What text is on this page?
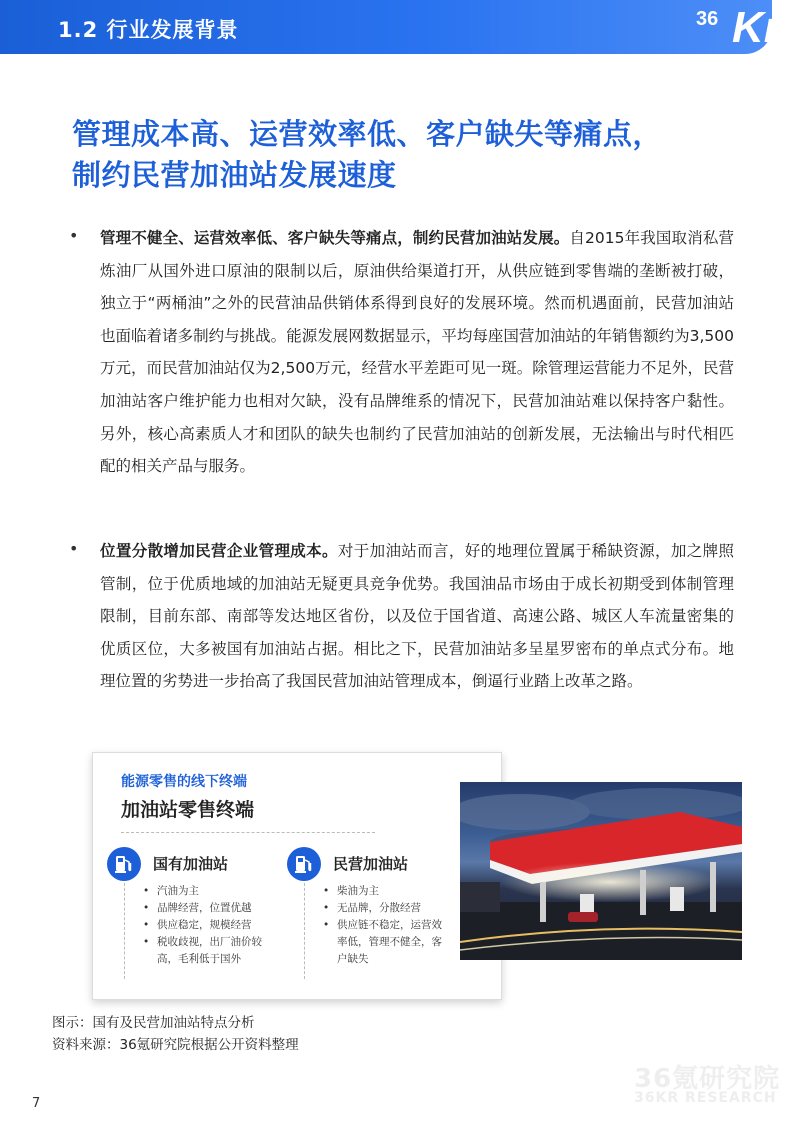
1.2 行业发展背景	36 Kr
管理成本高、运营效率低、客户缺失等痛点，
制约民营加油站发展速度
• 管理不健全、运营效率低、客户缺失等痛点，制约民营加油站发展。自2015年我国取消私营炼油厂从国外进口原油的限制以后，原油供给渠道打开，从供应链到零售端的垄断被打破，独立于“两桶油”之外的民营油品供销体系得到良好的发展环境。然而机遇面前，民营加油站也面临着诸多制约与挑战。能源发展网数据显示，平均每座国营加油站的年销售额约为3,500万元，而民营加油站仅为2,500万元，经营水平差距可见一斑。除管理运营能力不足外，民营加油站客户维护能力也相对欠缺，没有品牌维系的情况下，民营加油站难以保持客户黏性。另外，核心高素质人才和团队的缺失也制约了民营加油站的创新发展，无法输出与时代相匹配的相关产品与服务。
• 位置分散增加民营企业管理成本。对于加油站而言，好的地理位置属于稀缺资源，加之牌照管制，位于优质地域的加油站无疑更具竞争优势。我国油品市场由于成长初期受到体制管理限制，目前东部、南部等发达地区省份，以及位于国省道、高速公路、城区人车流量密集的优质区位，大多被国有加油站占据。相比之下，民营加油站多呈星罗密布的单点式分布。地理位置的劣势进一步抬高了我国民营加油站管理成本，倒逼行业踏上改革之路。
能源零售的线下终端
加油站零售终端
国有加油站
• 汽油为主
• 品牌经营，位置优越
• 供应稳定，规模经营
• 税收歧视，出厂油价较高，毛利低于国外
民营加油站
• 柴油为主
• 无品牌，分散经营
• 供应链不稳定，运营效率低，管理不健全，客户缺失
图示：国有及民营加油站特点分析
资料来源：36氪研究院根据公开资料整理
36氪研究院
36KR RESEARCH
7
